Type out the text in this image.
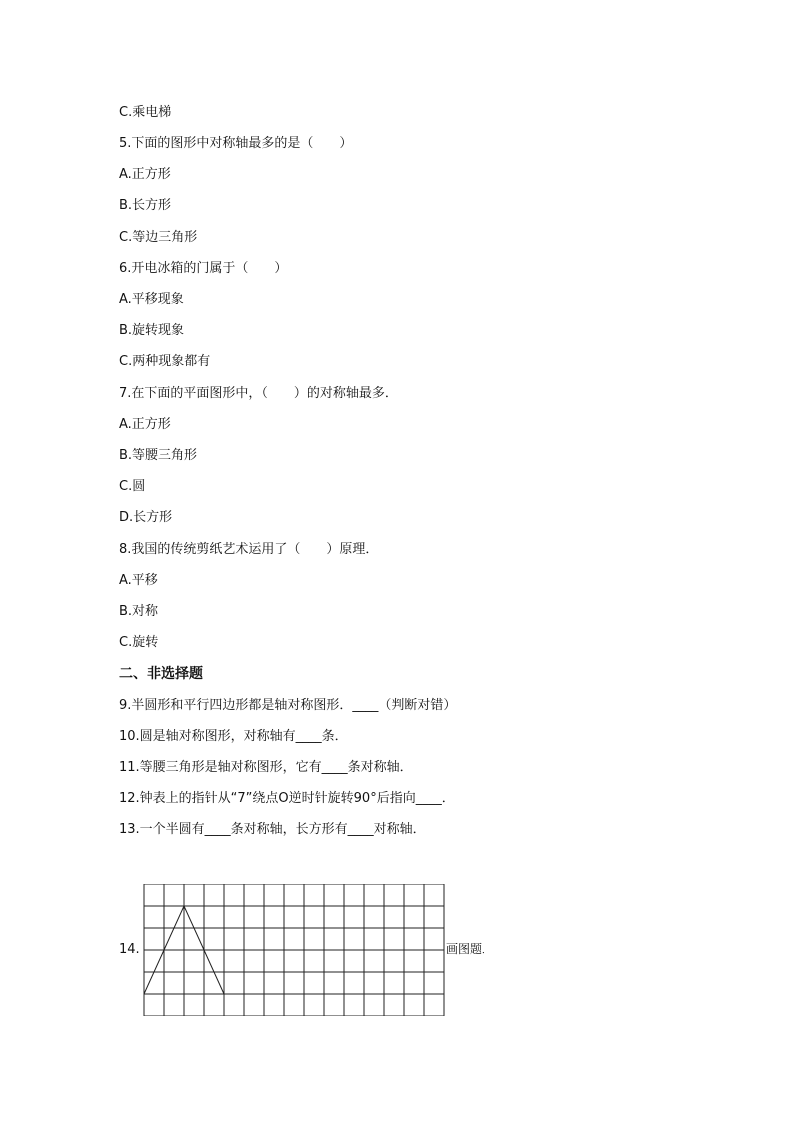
C.乘电梯
5.下面的图形中对称轴最多的是（　　）
A.正方形
B.长方形
C.等边三角形
6.开电冰箱的门属于（　　）
A.平移现象
B.旋转现象
C.两种现象都有
7.在下面的平面图形中，（　　）的对称轴最多．
A.正方形
B.等腰三角形
C.圆
D.长方形
8.我国的传统剪纸艺术运用了（　　）原理．
A.平移
B.对称
C.旋转
二、非选择题
9.半圆形和平行四边形都是轴对称图形．____（判断对错）
10.圆是轴对称图形，对称轴有____条．
11.等腰三角形是轴对称图形，它有____条对称轴．
12.钟表上的指针从“7”绕点O逆时针旋转90°后指向____．
13.一个半圆有____条对称轴，长方形有____对称轴．
14.	画图题．
